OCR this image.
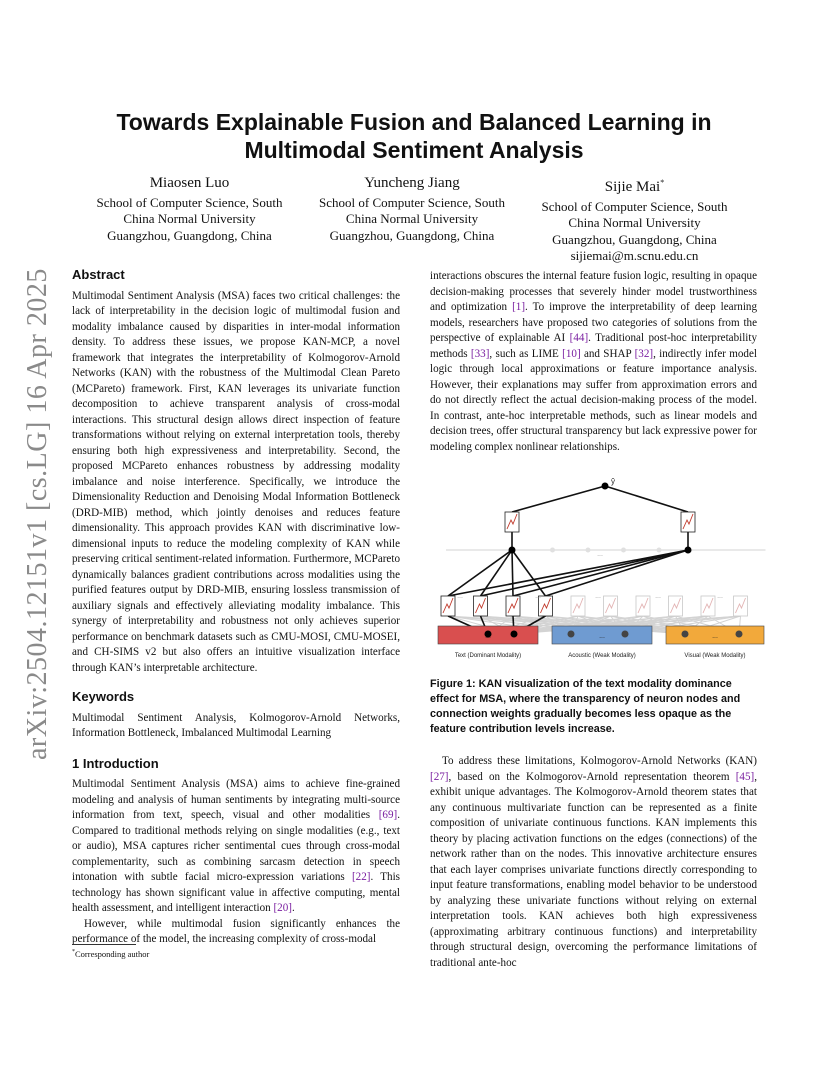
arXiv:2504.12151v1 [cs.LG] 16 Apr 2025
Towards Explainable Fusion and Balanced Learning in Multimodal Sentiment Analysis
Miaosen Luo
School of Computer Science, South
China Normal University
Guangzhou, Guangdong, China
Yuncheng Jiang
School of Computer Science, South
China Normal University
Guangzhou, Guangdong, China
Sijie Mai*
School of Computer Science, South
China Normal University
Guangzhou, Guangdong, China
sijiemai@m.scnu.edu.cn
Abstract

Multimodal Sentiment Analysis (MSA) faces two critical challenges: the lack of interpretability in the decision logic of multimodal fusion and modality imbalance caused by disparities in inter-modal information density. To address these issues, we propose KAN-MCP, a novel framework that integrates the interpretability of Kolmogorov-Arnold Networks (KAN) with the robustness of the Multimodal Clean Pareto (MCPareto) framework. First, KAN leverages its univariate function decomposition to achieve transparent analysis of cross-modal interactions. This structural design allows direct inspection of feature transformations without relying on external interpretation tools, thereby ensuring both high expressiveness and interpretability. Second, the proposed MCPareto enhances robustness by addressing modality imbalance and noise interference. Specifically, we introduce the Dimensionality Reduction and Denoising Modal Information Bottleneck (DRD-MIB) method, which jointly denoises and reduces feature dimensionality. This approach provides KAN with discriminative low-dimensional inputs to reduce the modeling complexity of KAN while preserving critical sentiment-related information. Furthermore, MCPareto dynamically balances gradient contributions across modalities using the purified features output by DRD-MIB, ensuring lossless transmission of auxiliary signals and effectively alleviating modality imbalance. This synergy of interpretability and robustness not only achieves superior performance on benchmark datasets such as CMU-MOSI, CMU-MOSEI, and CH-SIMS v2 but also offers an intuitive visualization interface through KAN’s interpretable architecture.

Keywords

Multimodal Sentiment Analysis, Kolmogorov-Arnold Networks, Information Bottleneck, Imbalanced Multimodal Learning

1 Introduction

Multimodal Sentiment Analysis (MSA) aims to achieve fine-grained modeling and analysis of human sentiments by integrating multi-source information from text, speech, visual and other modalities [69]. Compared to traditional methods relying on single modalities (e.g., text or audio), MSA captures richer sentimental cues through cross-modal complementarity, such as combining sarcasm detection in speech intonation with subtle facial micro-expression variations [22]. This technology has shown significant value in affective computing, mental health assessment, and intelligent interaction [20].

However, while multimodal fusion significantly enhances the performance of the model, the increasing complexity of cross-modal

interactions obscures the internal feature fusion logic, resulting in opaque decision-making processes that severely hinder model trustworthiness and optimization [1]. To improve the interpretability of deep learning models, researchers have proposed two categories of solutions from the perspective of explainable AI [44]. Traditional post-hoc interpretability methods [33], such as LIME [10] and SHAP [32], indirectly infer model logic through local approximations or feature importance analysis. However, their explanations may suffer from approximation errors and do not directly reflect the actual decision-making process of the model. In contrast, ante-hoc interpretable methods, such as linear models and decision trees, offer structural transparency but lack expressive power for modeling complex nonlinear relationships.

Text (Dominant Modality)
...
Acoustic (Weak Modality)
...
Visual (Weak Modality)
...
ŷ
...
...	...	...	...	...
Figure 1: KAN visualization of the text modality dominance effect for MSA, where the transparency of neuron nodes and connection weights gradually becomes less opaque as the feature contribution levels increase.

To address these limitations, Kolmogorov-Arnold Networks (KAN) [27], based on the Kolmogorov-Arnold representation theorem [45], exhibit unique advantages. The Kolmogorov-Arnold theorem states that any continuous multivariate function can be represented as a finite composition of univariate continuous functions. KAN implements this theory by placing activation functions on the edges (connections) of the network rather than on the nodes. This innovative architecture ensures that each layer comprises univariate functions directly corresponding to input feature transformations, enabling model behavior to be understood by analyzing these univariate functions without relying on external interpretation tools. KAN achieves both high expressiveness (approximating arbitrary continuous functions) and interpretability through structural design, overcoming the performance limitations of traditional ante-hoc

*Corresponding author
